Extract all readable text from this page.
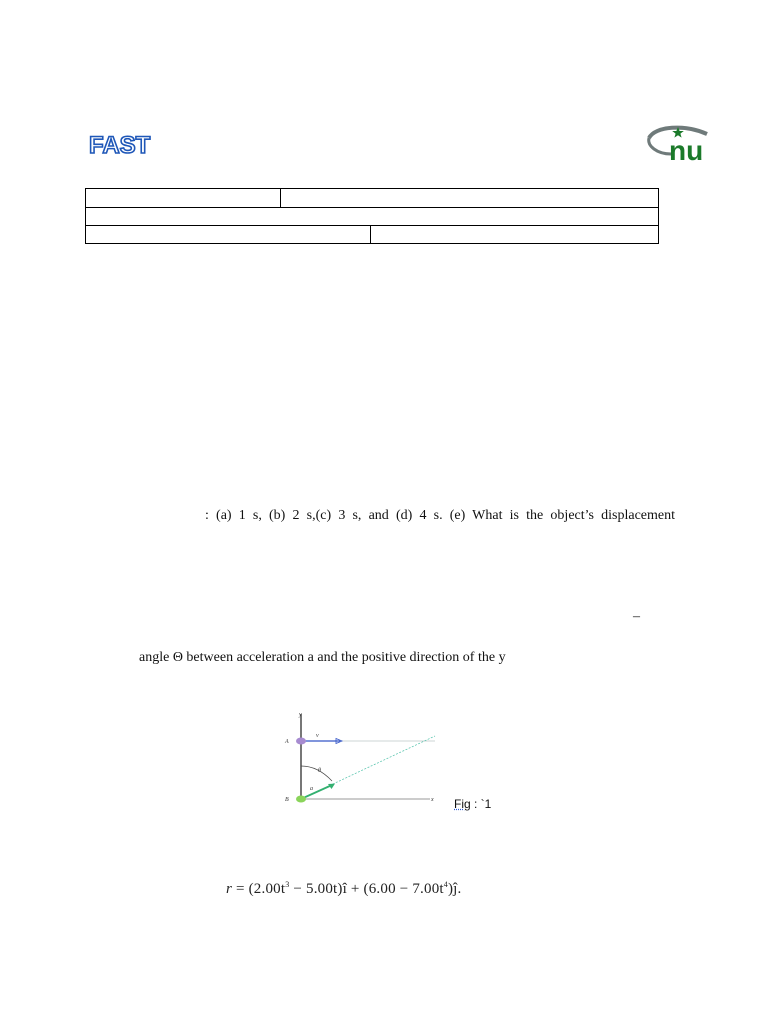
FAST	nu
: (a) 1 s, (b) 2 s,(c) 3 s, and (d) 4 s. (e) What is the object’s displacement
–
angle Θ between acceleration a and the positive direction of the y
y
x
θ
v
A
a
B	Fig : `1
$r = (2.00t^3$ − 5.00t)î + $(6.00 - 7.00t^4)ĵ$.
